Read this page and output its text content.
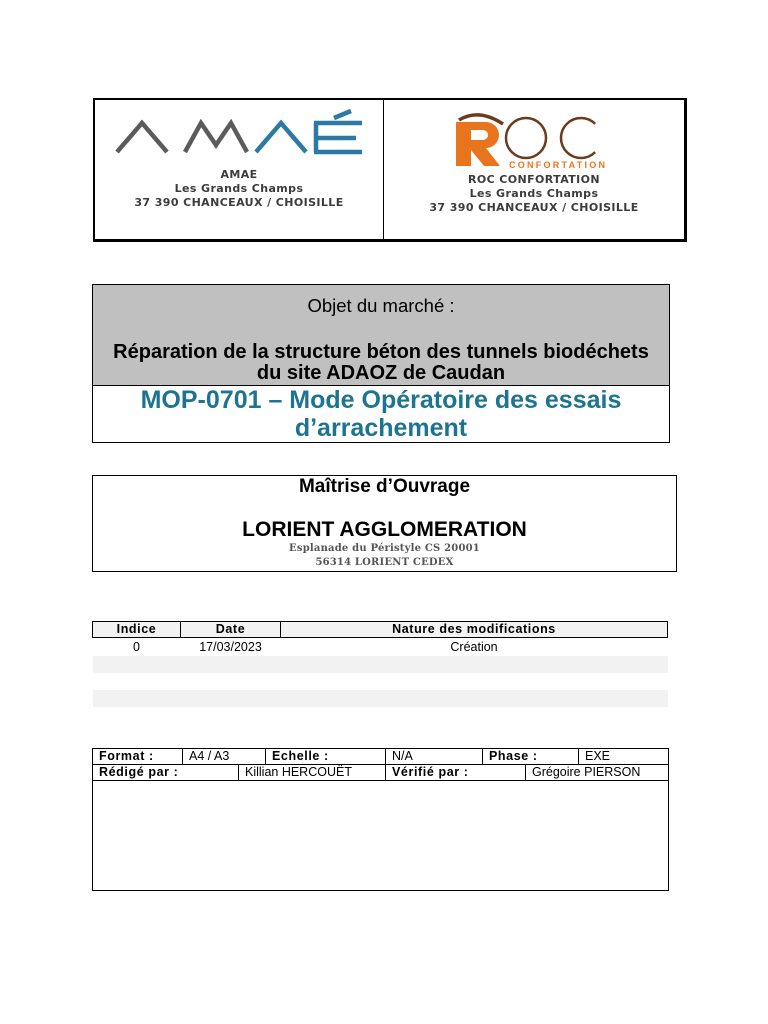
AMAE
Les Grands Champs
37 390 CHANCEAUX / CHOISILLE
CONFORTATION
ROC CONFORTATION
Les Grands Champs
37 390 CHANCEAUX / CHOISILLE
Objet du marché :
Réparation de la structure béton des tunnels biodéchets
du site ADAOZ de Caudan
MOP-0701 – Mode Opératoire des essais
d’arrachement
Maîtrise d’Ouvrage
LORIENT AGGLOMERATION
Esplanade du Péristyle CS 20001
56314 LORIENT CEDEX
Indice	Date	Nature des modifications
0	17/03/2023	Création

Format :	A4 / A3	Echelle :	N/A	Phase :	EXE
Rédigé par :	Killian HERCOUËT	Vérifié par :	Grégoire PIERSON
